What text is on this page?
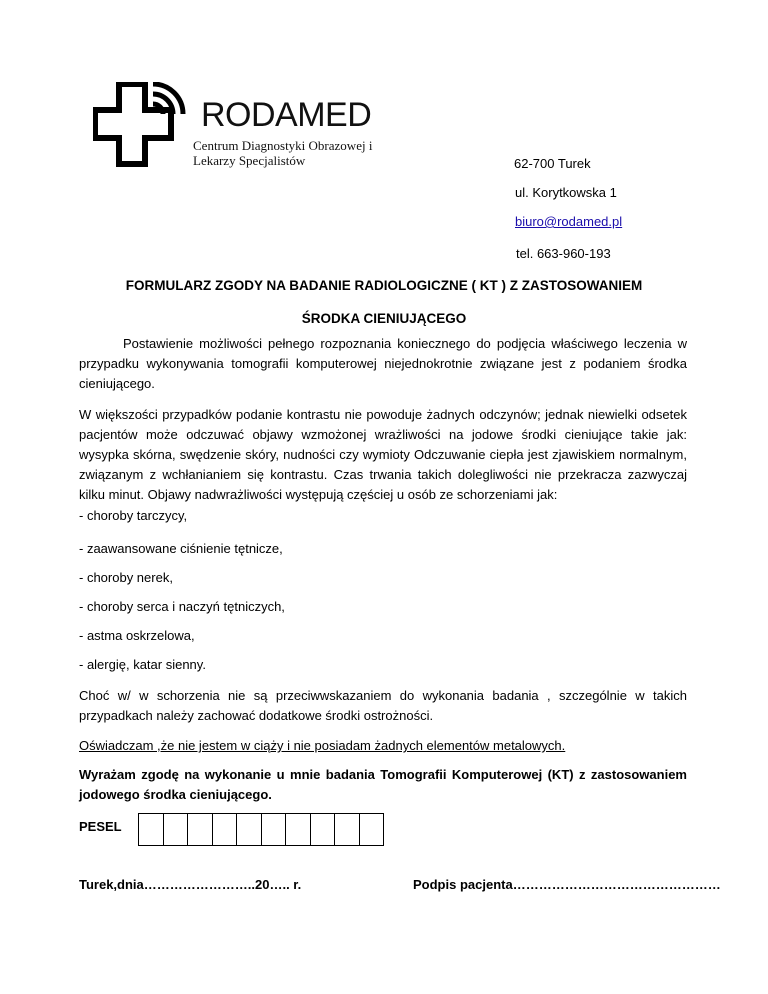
RODAMED
Centrum Diagnostyki Obrazowej i
Lekarzy Specjalistów	62-700 Turek
ul. Korytkowska 1
biuro@rodamed.pl
tel. 663-960-193
FORMULARZ ZGODY NA BADANIE RADIOLOGICZNE ( KT ) Z ZASTOSOWANIEM
ŚRODKA CIENIUJĄCEGO
Postawienie możliwości pełnego rozpoznania koniecznego do podjęcia właściwego leczenia w przypadku wykonywania tomografii komputerowej niejednokrotnie związane jest z podaniem środka cieniującego.
W większości przypadków podanie kontrastu nie powoduje żadnych odczynów; jednak niewielki odsetek pacjentów może odczuwać objawy wzmożonej wrażliwości na jodowe środki cieniujące takie jak: wysypka skórna, swędzenie skóry, nudności czy wymioty Odczuwanie ciepła jest zjawiskiem normalnym, związanym z wchłanianiem się kontrastu. Czas trwania takich dolegliwości nie przekracza zazwyczaj kilku minut. Objawy nadwrażliwości występują częściej u osób ze schorzeniami jak:
- choroby tarczycy,
- zaawansowane ciśnienie tętnicze,
- choroby nerek,
- choroby serca i naczyń tętniczych,
- astma oskrzelowa,
- alergię, katar sienny.
Choć w/ w schorzenia nie są przeciwwskazaniem do wykonania badania , szczególnie w takich przypadkach należy zachować dodatkowe środki ostrożności.
Oświadczam ,że nie jestem w ciąży i nie posiadam żadnych elementów metalowych.
Wyrażam zgodę na wykonanie u mnie badania Tomografii Komputerowej (KT) z zastosowaniem jodowego środka cieniującego.
PESEL
Turek,dnia……………………..20….. r.	Podpis pacjenta…………………………………………
